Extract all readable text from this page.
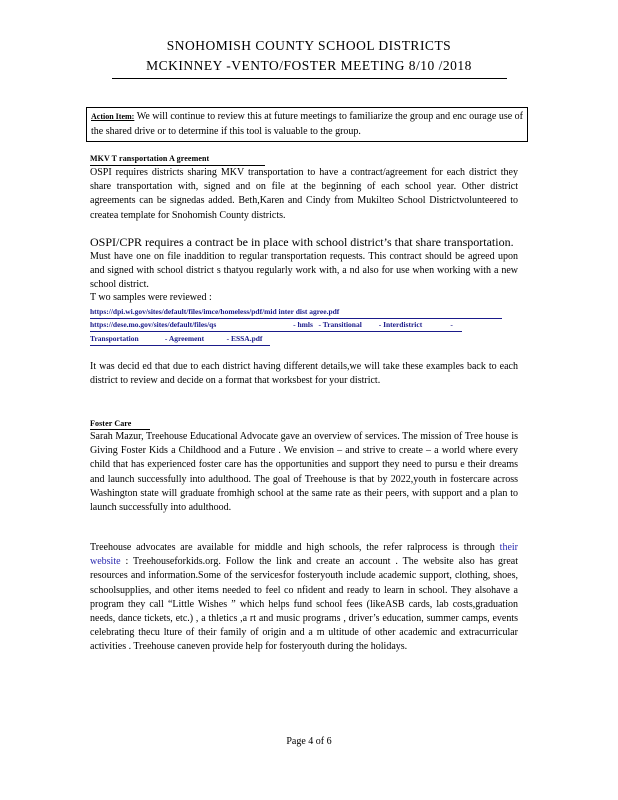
SNOHOMISH COUNTY SCHOOL DISTRICTS
MCKINNEY -VENTO/FOSTER MEETING 8/10 /2018
Action Item: We will continue to review this at future meetings to familiarize the group and enc ourage use of the shared drive or to determine if this tool is valuable to the group.
MKV T ransportation A greement
OSPI requires districts sharing MKV transportation to have a contract/agreement for each district they share transportation with, signed and on file at the beginning of each school year. Other district agreements can be signedas added. Beth,Karen and Cindy from Mukilteo School Districtvolunteered to createa template for Snohomish County districts.
OSPI/CPR requires a contract be in place with school district’s that share transportation.
Must have one on file inaddition to regular transportation requests. This contract should be agreed upon and signed with school district s thatyou regularly work with, a nd also for use when working with a new school district.
T wo samples were reviewed :
https://dpi.wi.gov/sites/default/files/imce/homeless/pdf/mid inter dist agree.pdf
https://dese.mo.gov/sites/default/files/qs                                         - hmls   - Transitional         - Interdistrict               -
Transportation              - Agreement            - ESSA.pdf
It was decid ed that due to each district having different details,we will take these examples back to each district to review and decide on a format that worksbest for your district.
Foster Care
Sarah Mazur, Treehouse Educational Advocate gave an overview of services. The mission of Tree house is Giving Foster Kids a Childhood and a Future . We envision – and strive to create – a world where every child that has experienced foster care has the opportunities and support they need to pursu e their dreams and launch successfully into adulthood. The goal of Treehouse is that by 2022,youth in fostercare across Washington state will graduate fromhigh school at the same rate as their peers, with support and a plan to launch successfully into adulthood.
Treehouse advocates are available for middle and high schools, the refer ralprocess is through their website : Treehouseforkids.org. Follow the link and create an account . The website also has great resources and information.Some of the servicesfor fosteryouth include academic support, clothing, shoes, schoolsupplies, and other items needed to feel co nfident and ready to learn in school. They alsohave a program they call “Little Wishes ” which helps fund school fees (likeASB cards, lab costs,graduation needs, dance tickets, etc.) , a thletics ,a rt and music programs , driver’s education, summer camps, events celebrating thecu lture of their family of origin and a m ultitude of other academic and extracurricular activities . Treehouse caneven provide help for fosteryouth during the holidays.
Page 4 of 6
